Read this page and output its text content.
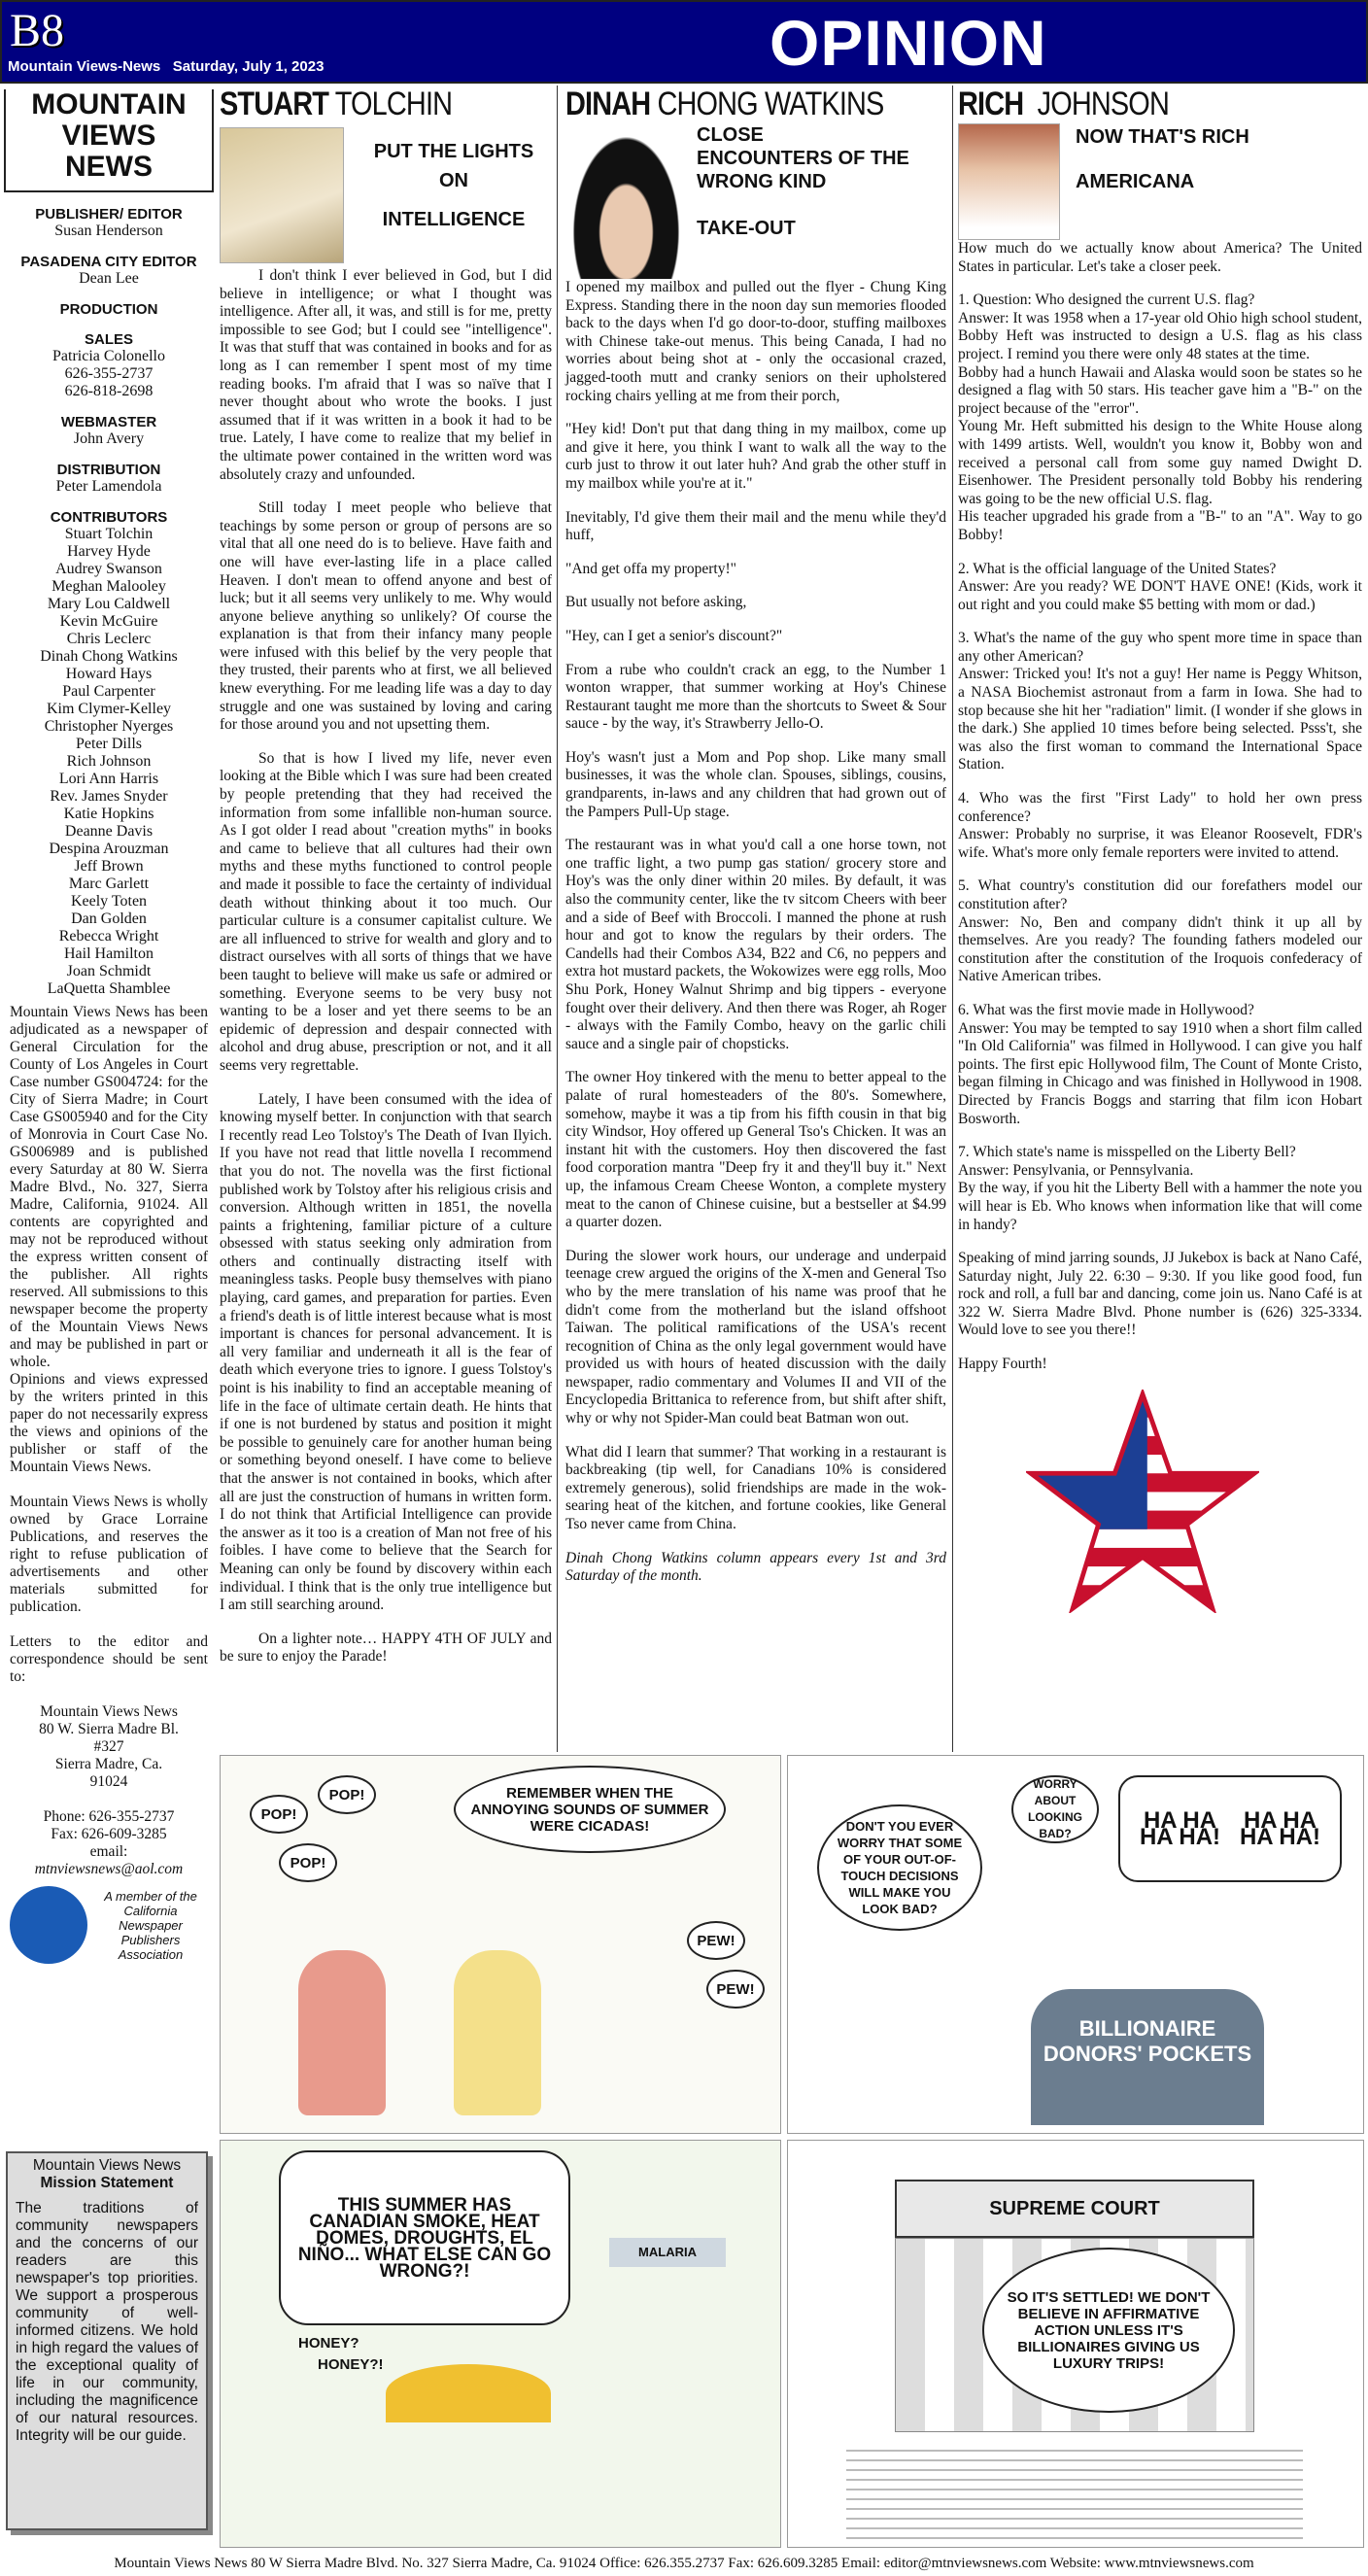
B8
Mountain Views-News Saturday, July 1, 2023	OPINION
MOUNTAIN
VIEWS
NEWS
PUBLISHER/ EDITOR

Susan Henderson

PASADENA CITY EDITOR

Dean Lee

PRODUCTION

SALES

Patricia Colonello
626-355-2737
626-818-2698

WEBMASTER

John Avery

DISTRIBUTION

Peter Lamendola

CONTRIBUTORS

Stuart Tolchin
Harvey Hyde
Audrey Swanson
Meghan Malooley
Mary Lou Caldwell
Kevin McGuire
Chris Leclerc
Dinah Chong Watkins
Howard Hays
Paul Carpenter
Kim Clymer-Kelley
Christopher Nyerges
Peter Dills
Rich Johnson
Lori Ann Harris
Rev. James Snyder
Katie Hopkins
Deanne Davis
Despina Arouzman
Jeff Brown
Marc Garlett
Keely Toten
Dan Golden
Rebecca Wright
Hail Hamilton
Joan Schmidt
LaQuetta Shamblee

Mountain Views News has been adjudicated as a newspaper of General Circulation for the County of Los Angeles in Court Case number GS004724: for the City of Sierra Madre; in Court Case GS005940 and for the City of Monrovia in Court Case No. GS006989 and is published every Saturday at 80 W. Sierra Madre Blvd., No. 327, Sierra Madre, California, 91024. All contents are copyrighted and may not be reproduced without the express written consent of the publisher. All rights reserved. All submissions to this newspaper become the property of the Mountain Views News and may be published in part or whole.

Opinions and views expressed by the writers printed in this paper do not necessarily express the views and opinions of the publisher or staff of the Mountain Views News.

Mountain Views News is wholly owned by Grace Lorraine Publications, and reserves the right to refuse publication of advertisements and other materials submitted for publication.

Letters to the editor and correspondence should be sent to:

Mountain Views News
80 W. Sierra Madre Bl.
#327
Sierra Madre, Ca.
91024

Phone: 626-355-2737

Fax: 626-609-3285

email:

mtnviewsnews@aol.com

A member of the California Newspaper Publishers Association
Mountain Views News
Mission Statement

The traditions of community newspapers and the concerns of our readers are this newspaper's top priorities. We support a prosperous community of well-informed citizens. We hold in high regard the values of the exceptional quality of life in our community, including the magnificence of our natural resources. Integrity will be our guide.

STUART TOLCHIN
PUT THE LIGHTS
ON
INTELLIGENCE

I don't think I ever believed in God, but I did believe in intelligence; or what I thought was intelligence. After all, it was, and still is for me, pretty impossible to see God; but I could see "intelligence". It was that stuff that was contained in books and for as long as I can remember I spent most of my time reading books. I'm afraid that I was so naïve that I never thought about who wrote the books. I just assumed that if it was written in a book it had to be true. Lately, I have come to realize that my belief in the ultimate power contained in the written word was absolutely crazy and unfounded.

Still today I meet people who believe that teachings by some person or group of persons are so vital that all one need do is to believe. Have faith and one will have ever-lasting life in a place called Heaven. I don't mean to offend anyone and best of luck; but it all seems very unlikely to me. Why would anyone believe anything so unlikely? Of course the explanation is that from their infancy many people were infused with this belief by the very people that they trusted, their parents who at first, we all believed knew everything. For me leading life was a day to day struggle and one was sustained by loving and caring for those around you and not upsetting them.

So that is how I lived my life, never even looking at the Bible which I was sure had been created by people pretending that they had received the information from some infallible non-human source. As I got older I read about "creation myths" in books and came to believe that all cultures had their own myths and these myths functioned to control people and made it possible to face the certainty of individual death without thinking about it too much. Our particular culture is a consumer capitalist culture. We are all influenced to strive for wealth and glory and to distract ourselves with all sorts of things that we have been taught to believe will make us safe or admired or something. Everyone seems to be very busy not wanting to be a loser and yet there seems to be an epidemic of depression and despair connected with alcohol and drug abuse, prescription or not, and it all seems very regrettable.

Lately, I have been consumed with the idea of knowing myself better. In conjunction with that search I recently read Leo Tolstoy's The Death of Ivan Ilyich. If you have not read that little novella I recommend that you do not. The novella was the first fictional published work by Tolstoy after his religious crisis and conversion. Although written in 1851, the novella paints a frightening, familiar picture of a culture obsessed with status seeking only admiration from others and continually distracting itself with meaningless tasks. People busy themselves with piano playing, card games, and preparation for parties. Even a friend's death is of little interest because what is most important is chances for personal advancement. It is all very familiar and underneath it all is the fear of death which everyone tries to ignore. I guess Tolstoy's point is his inability to find an acceptable meaning of life in the face of ultimate certain death. He hints that if one is not burdened by status and position it might be possible to genuinely care for another human being or something beyond oneself. I have come to believe that the answer is not contained in books, which after all are just the construction of humans in written form. I do not think that Artificial Intelligence can provide the answer as it too is a creation of Man not free of his foibles. I have come to believe that the Search for Meaning can only be found by discovery within each individual. I think that is the only true intelligence but I am still searching around.

On a lighter note… HAPPY 4TH OF JULY and be sure to enjoy the Parade!

DINAH CHONG WATKINS
CLOSE
ENCOUNTERS OF THE
WRONG KIND
TAKE-OUT

I opened my mailbox and pulled out the flyer - Chung King Express. Standing there in the noon day sun memories flooded back to the days when I'd go door-to-door, stuffing mailboxes with Chinese take-out menus. This being Canada, I had no worries about being shot at - only the occasional crazed, jagged-tooth mutt and cranky seniors on their upholstered rocking chairs yelling at me from their porch,

"Hey kid! Don't put that dang thing in my mailbox, come up and give it here, you think I want to walk all the way to the curb just to throw it out later huh? And grab the other stuff in my mailbox while you're at it."

Inevitably, I'd give them their mail and the menu while they'd huff,

"And get offa my property!"

But usually not before asking,

"Hey, can I get a senior's discount?"

From a rube who couldn't crack an egg, to the Number 1 wonton wrapper, that summer working at Hoy's Chinese Restaurant taught me more than the shortcuts to Sweet & Sour sauce - by the way, it's Strawberry Jello-O.

Hoy's wasn't just a Mom and Pop shop. Like many small businesses, it was the whole clan. Spouses, siblings, cousins, grandparents, in-laws and any children that had grown out of the Pampers Pull-Up stage.

The restaurant was in what you'd call a one horse town, not one traffic light, a two pump gas station/ grocery store and Hoy's was the only diner within 20 miles. By default, it was also the community center, like the tv sitcom Cheers with beer and a side of Beef with Broccoli. I manned the phone at rush hour and got to know the regulars by their orders. The Candells had their Combos A34, B22 and C6, no peppers and extra hot mustard packets, the Wokowizes were egg rolls, Moo Shu Pork, Honey Walnut Shrimp and big tippers - everyone fought over their delivery. And then there was Roger, ah Roger - always with the Family Combo, heavy on the garlic chili sauce and a single pair of chopsticks.

The owner Hoy tinkered with the menu to better appeal to the palate of rural homesteaders of the 80's. Somewhere, somehow, maybe it was a tip from his fifth cousin in that big city Windsor, Hoy offered up General Tso's Chicken. It was an instant hit with the customers. Hoy then discovered the fast food corporation mantra "Deep fry it and they'll buy it." Next up, the infamous Cream Cheese Wonton, a complete mystery meat to the canon of Chinese cuisine, but a bestseller at $4.99 a quarter dozen.

During the slower work hours, our underage and underpaid teenage crew argued the origins of the X-men and General Tso who by the mere translation of his name was proof that he didn't come from the motherland but the island offshoot Taiwan. The political ramifications of the USA's recent recognition of China as the only legal government would have provided us with hours of heated discussion with the daily newspaper, radio commentary and Volumes II and VII of the Encyclopedia Brittanica to reference from, but shift after shift, why or why not Spider-Man could beat Batman won out.

What did I learn that summer? That working in a restaurant is backbreaking (tip well, for Canadians 10% is considered extremely generous), solid friendships are made in the wok-searing heat of the kitchen, and fortune cookies, like General Tso never came from China.

Dinah Chong Watkins column appears every 1st and 3rd Saturday of the month.

RICH JOHNSON
NOW THAT'S RICH
AMERICANA

How much do we actually know about America? The United States in particular. Let's take a closer peek.

1. Question: Who designed the current U.S. flag?
Answer: It was 1958 when a 17-year old Ohio high school student, Bobby Heft was instructed to design a U.S. flag as his class project. I remind you there were only 48 states at the time.
Bobby had a hunch Hawaii and Alaska would soon be states so he designed a flag with 50 stars. His teacher gave him a "B-" on the project because of the "error".
Young Mr. Heft submitted his design to the White House along with 1499 artists. Well, wouldn't you know it, Bobby won and received a personal call from some guy named Dwight D. Eisenhower. The President personally told Bobby his rendering was going to be the new official U.S. flag.
His teacher upgraded his grade from a "B-" to an "A". Way to go Bobby!

2. What is the official language of the United States?
Answer: Are you ready? WE DON'T HAVE ONE! (Kids, work it out right and you could make $5 betting with mom or dad.)

3. What's the name of the guy who spent more time in space than any other American?
Answer: Tricked you! It's not a guy! Her name is Peggy Whitson, a NASA Biochemist astronaut from a farm in Iowa. She had to stop because she hit her "radiation" limit. (I wonder if she glows in the dark.) She applied 10 times before being selected. Psss't, she was also the first woman to command the International Space Station.

4. Who was the first "First Lady" to hold her own press conference?
Answer: Probably no surprise, it was Eleanor Roosevelt, FDR's wife. What's more only female reporters were invited to attend.

5. What country's constitution did our forefathers model our constitution after?
Answer: No, Ben and company didn't think it up all by themselves. Are you ready? The founding fathers modeled our constitution after the constitution of the Iroquois confederacy of Native American tribes.

6. What was the first movie made in Hollywood?
Answer: You may be tempted to say 1910 when a short film called "In Old California" was filmed in Hollywood. I can give you half points. The first epic Hollywood film, The Count of Monte Cristo, began filming in Chicago and was finished in Hollywood in 1908. Directed by Francis Boggs and starring that film icon Hobart Bosworth.

7. Which state's name is misspelled on the Liberty Bell?
Answer: Pensylvania, or Pennsylvania.
By the way, if you hit the Liberty Bell with a hammer the note you will hear is Eb. Who knows when information like that will come in handy?

Speaking of mind jarring sounds, JJ Jukebox is back at Nano Café, Saturday night, July 22. 6:30 – 9:30. If you like good food, fun rock and roll, a full bar and dancing, come join us. Nano Café is at 322 W. Sierra Madre Blvd. Phone number is (626) 325-3334. Would love to see you there!!

Happy Fourth!

REMEMBER WHEN THE ANNOYING SOUNDS OF SUMMER WERE CICADAS!
POP!
POP!
POP!
PEW!
PEW!
DON'T YOU EVER WORRY THAT SOME OF YOUR OUT-OF-TOUCH DECISIONS WILL MAKE YOU LOOK BAD?
WORRY ABOUT LOOKING BAD?	HA HA HA HA!

HA HA HA HA!
BILLIONAIRE DONORS' POCKETS
THIS SUMMER HAS CANADIAN SMOKE, HEAT DOMES, DROUGHTS, EL NIÑO... WHAT ELSE CAN GO WRONG?!
HONEY?
HONEY?!
MALARIA
SUPREME COURT
SO IT'S SETTLED! WE DON'T BELIEVE IN AFFIRMATIVE ACTION UNLESS IT'S BILLIONAIRES GIVING US LUXURY TRIPS!
Mountain Views News 80 W Sierra Madre Blvd. No. 327 Sierra Madre, Ca. 91024 Office: 626.355.2737 Fax: 626.609.3285 Email: editor@mtnviewsnews.com Website: www.mtnviewsnews.com
